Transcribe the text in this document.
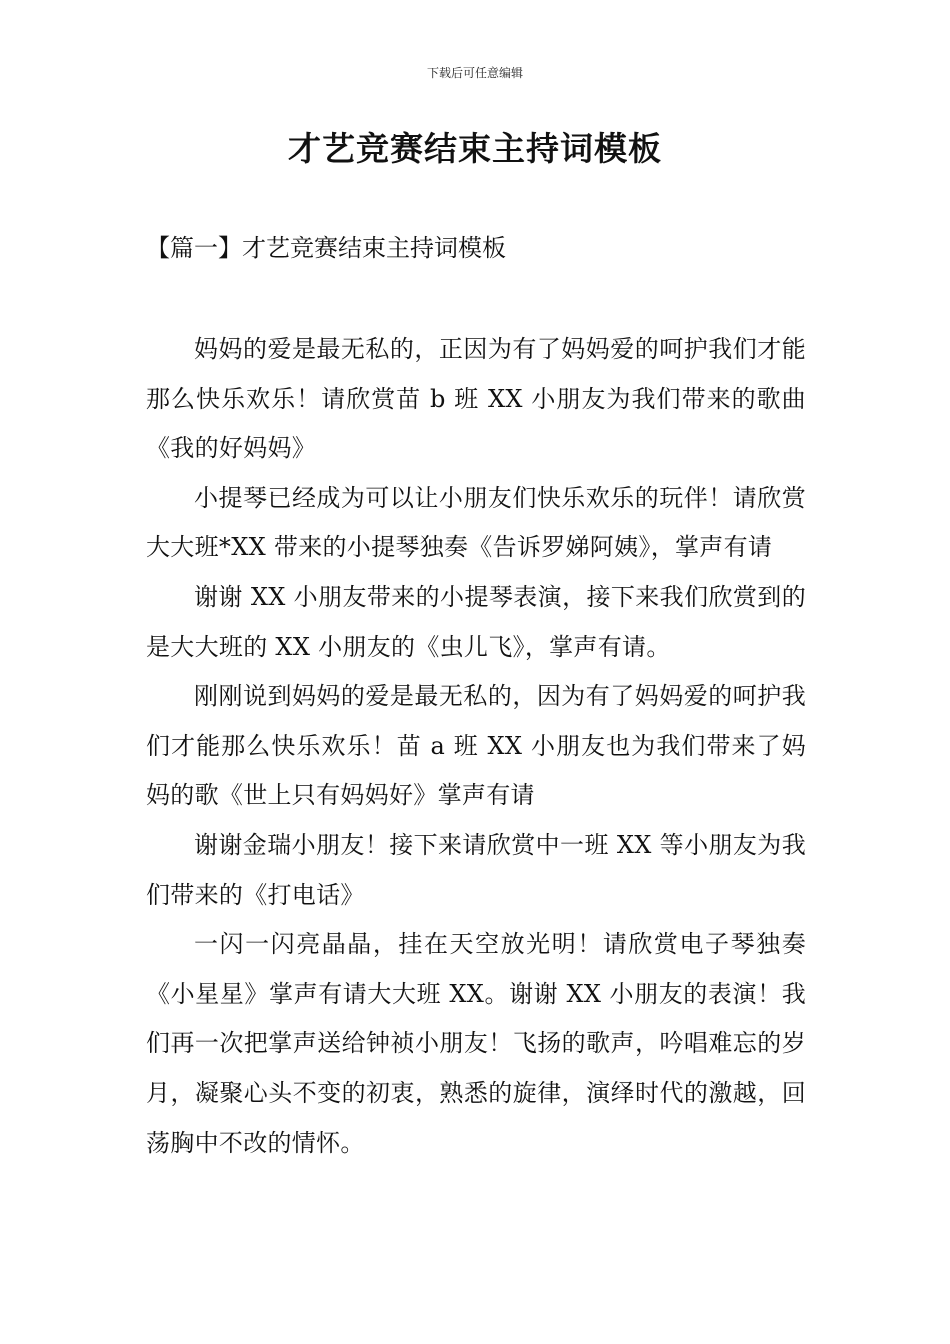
下载后可任意编辑
才艺竞赛结束主持词模板
【篇一】才艺竞赛结束主持词模板

妈妈的爱是最无私的，正因为有了妈妈爱的呵护我们才能那么快乐欢乐！请欣赏苗 b 班 XX 小朋友为我们带来的歌曲《我的好妈妈》

小提琴已经成为可以让小朋友们快乐欢乐的玩伴！请欣赏大大班*XX 带来的小提琴独奏《告诉罗娣阿姨》，掌声有请

谢谢 XX 小朋友带来的小提琴表演，接下来我们欣赏到的是大大班的 XX 小朋友的《虫儿飞》，掌声有请。

刚刚说到妈妈的爱是最无私的，因为有了妈妈爱的呵护我们才能那么快乐欢乐！苗 a 班 XX 小朋友也为我们带来了妈妈的歌《世上只有妈妈好》掌声有请

谢谢金瑞小朋友！接下来请欣赏中一班 XX 等小朋友为我们带来的《打电话》

一闪一闪亮晶晶，挂在天空放光明！请欣赏电子琴独奏《小星星》掌声有请大大班 XX。谢谢 XX 小朋友的表演！我们再一次把掌声送给钟祯小朋友！飞扬的歌声，吟唱难忘的岁月，凝聚心头不变的初衷，熟悉的旋律，演绎时代的激越，回荡胸中不改的情怀。
